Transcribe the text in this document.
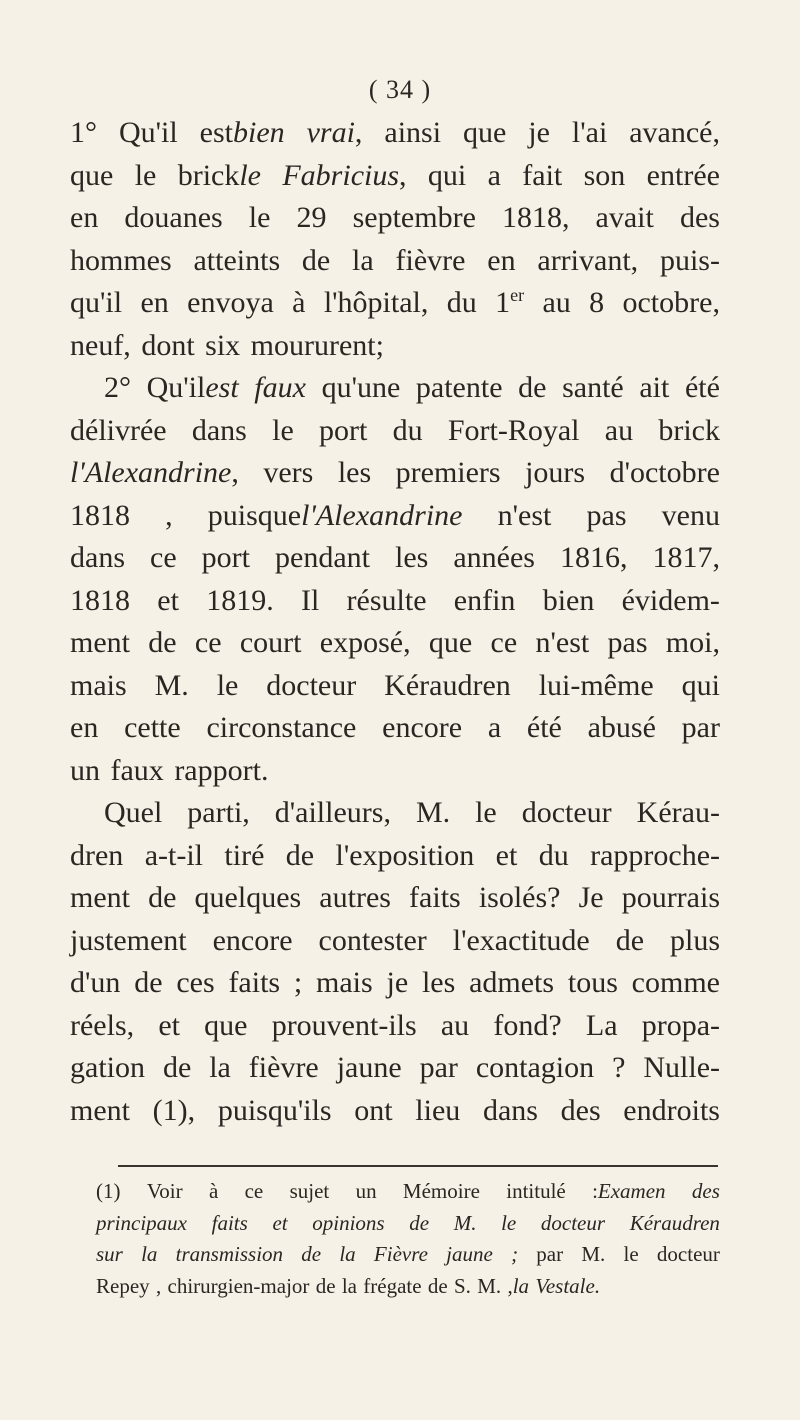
( 34 )
1° Qu'il estbien vrai, ainsi que je l'ai avancé,
que le brickle Fabricius, qui a fait son entrée
en douanes le 29 septembre 1818, avait des
hommes atteints de la fièvre en arrivant, puis-
qu'il en envoya à l'hôpital, du 1er au 8 octobre,
neuf, dont six moururent;
2° Qu'ilest faux qu'une patente de santé ait été
délivrée dans le port du Fort-Royal au brick
l'Alexandrine, vers les premiers jours d'octobre
1818 , puisquel'Alexandrine n'est pas venu
dans ce port pendant les années 1816, 1817,
1818 et 1819. Il résulte enfin bien évidem-
ment de ce court exposé, que ce n'est pas moi,
mais M. le docteur Kéraudren lui-même qui
en cette circonstance encore a été abusé par
un faux rapport.
Quel parti, d'ailleurs, M. le docteur Kérau-
dren a-t-il tiré de l'exposition et du rapproche-
ment de quelques autres faits isolés? Je pourrais
justement encore contester l'exactitude de plus
d'un de ces faits ; mais je les admets tous comme
réels, et que prouvent-ils au fond? La propa-
gation de la fièvre jaune par contagion ? Nulle-
ment (1), puisqu'ils ont lieu dans des endroits
(1) Voir à ce sujet un Mémoire intitulé :Examen des
principaux faits et opinions de M. le docteur Kéraudren
sur la transmission de la Fièvre jaune ; par M. le docteur
Repey , chirurgien-major de la frégate de S. M. ,la Vestale.
